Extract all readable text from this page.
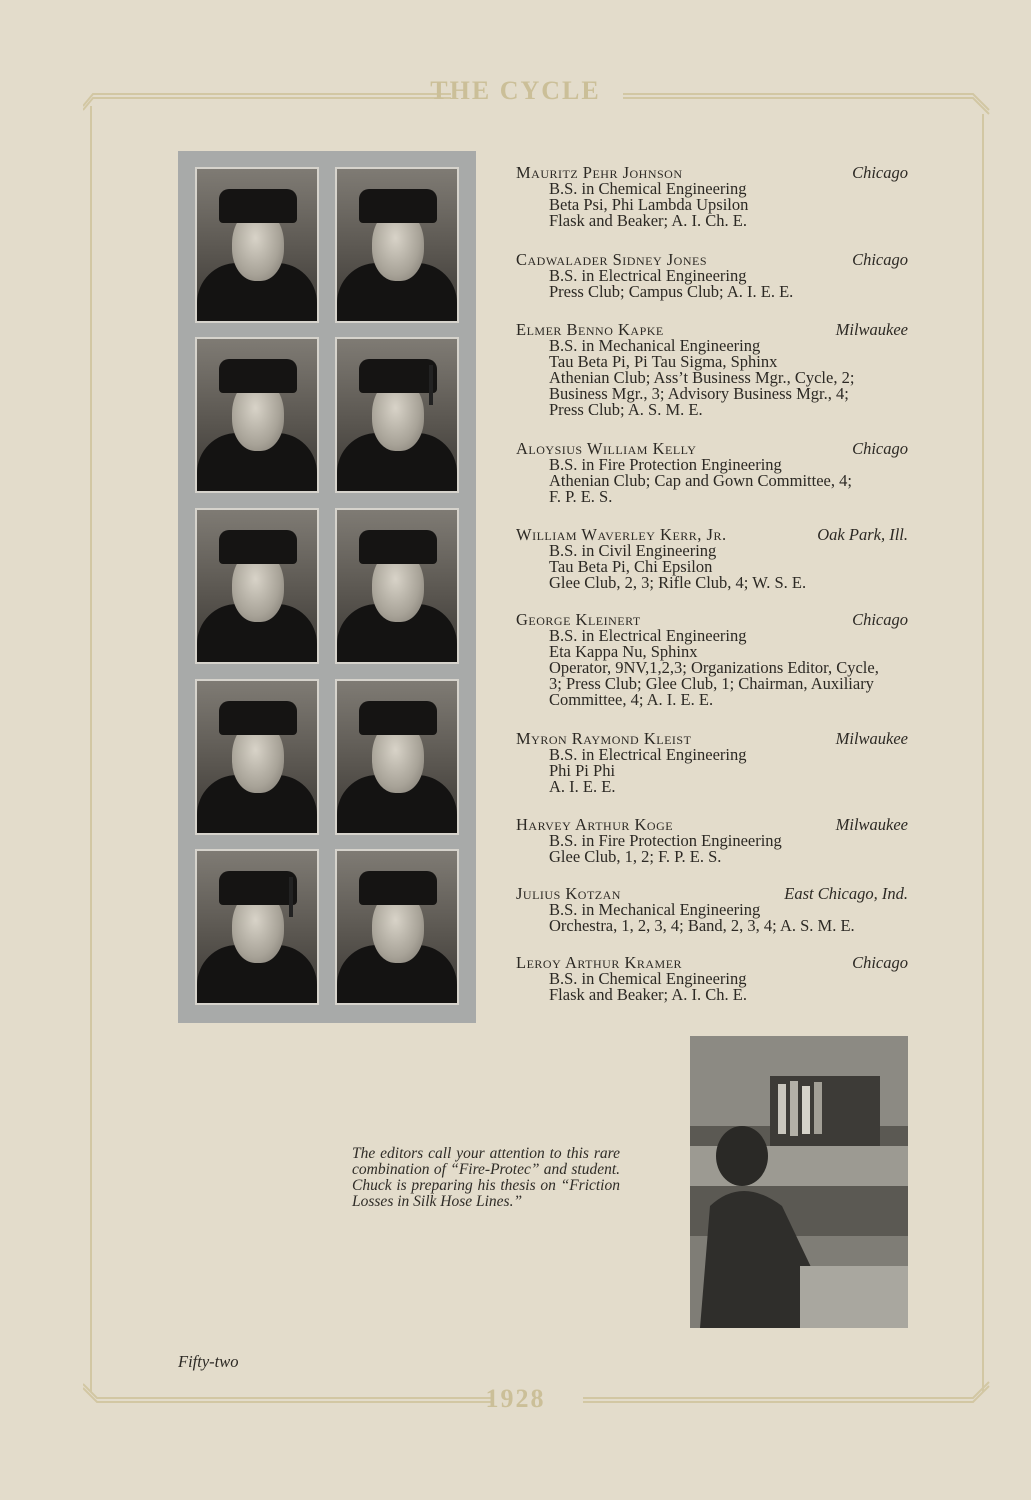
THE CYCLE
1928
Mauritz Pehr Johnson	Chicago
B.S. in Chemical Engineering
Beta Psi, Phi Lambda Upsilon
Flask and Beaker; A. I. Ch. E.
Cadwalader Sidney Jones	Chicago
B.S. in Electrical Engineering
Press Club; Campus Club; A. I. E. E.
Elmer Benno Kapke	Milwaukee
B.S. in Mechanical Engineering
Tau Beta Pi, Pi Tau Sigma, Sphinx
Athenian Club; Ass’t Business Mgr., Cycle, 2;
Business Mgr., 3; Advisory Business Mgr., 4;
Press Club; A. S. M. E.
Aloysius William Kelly	Chicago
B.S. in Fire Protection Engineering
Athenian Club; Cap and Gown Committee, 4;
F. P. E. S.
William Waverley Kerr, Jr.	Oak Park, Ill.
B.S. in Civil Engineering
Tau Beta Pi, Chi Epsilon
Glee Club, 2, 3; Rifle Club, 4; W. S. E.
George Kleinert	Chicago
B.S. in Electrical Engineering
Eta Kappa Nu, Sphinx
Operator, 9NV,1,2,3; Organizations Editor, Cycle,
3; Press Club; Glee Club, 1; Chairman, Auxiliary
Committee, 4; A. I. E. E.
Myron Raymond Kleist	Milwaukee
B.S. in Electrical Engineering
Phi Pi Phi
A. I. E. E.
Harvey Arthur Koge	Milwaukee
B.S. in Fire Protection Engineering
Glee Club, 1, 2; F. P. E. S.
Julius Kotzan	East Chicago, Ind.
B.S. in Mechanical Engineering
Orchestra, 1, 2, 3, 4; Band, 2, 3, 4; A. S. M. E.
Leroy Arthur Kramer	Chicago
B.S. in Chemical Engineering
Flask and Beaker; A. I. Ch. E.
The editors call your attention to this rare combination of “Fire-Protec” and student. Chuck is preparing his thesis on “Friction Losses in Silk Hose Lines.”
Fifty-two
